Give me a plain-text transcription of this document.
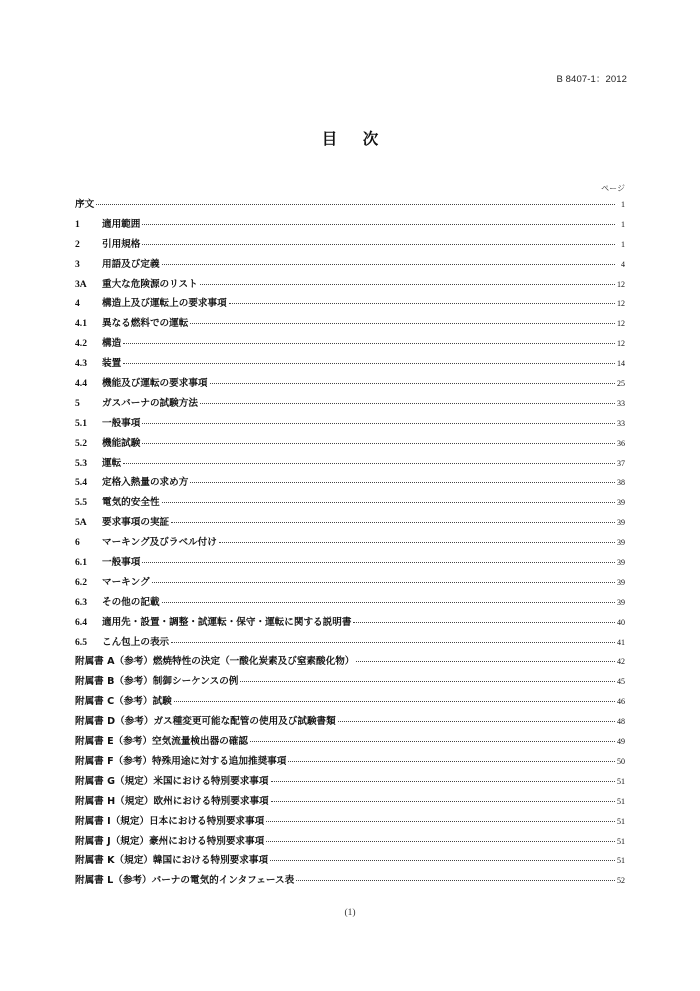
B 8407-1：2012
目 次
ページ
序文	1
1	適用範囲	1
2	引用規格	1
3	用語及び定義	4
3A	重大な危険源のリスト	12
4	構造上及び運転上の要求事項	12
4.1	異なる燃料での運転	12
4.2	構造	12
4.3	装置	14
4.4	機能及び運転の要求事項	25
5	ガスバーナの試験方法	33
5.1	一般事項	33
5.2	機能試験	36
5.3	運転	37
5.4	定格入熱量の求め方	38
5.5	電気的安全性	39
5A	要求事項の実証	39
6	マーキング及びラベル付け	39
6.1	一般事項	39
6.2	マーキング	39
6.3	その他の記載	39
6.4	適用先・設置・調整・試運転・保守・運転に関する説明書	40
6.5	こん包上の表示	41
附属書 A（参考）燃焼特性の決定（一酸化炭素及び窒素酸化物）	42
附属書 B（参考）制御シーケンスの例	45
附属書 C（参考）試験	46
附属書 D（参考）ガス種変更可能な配管の使用及び試験書類	48
附属書 E（参考）空気流量検出器の確認	49
附属書 F（参考）特殊用途に対する追加推奨事項	50
附属書 G（規定）米国における特別要求事項	51
附属書 H（規定）欧州における特別要求事項	51
附属書 I（規定）日本における特別要求事項	51
附属書 J（規定）豪州における特別要求事項	51
附属書 K（規定）韓国における特別要求事項	51
附属書 L（参考）バーナの電気的インタフェース表	52
(1)
